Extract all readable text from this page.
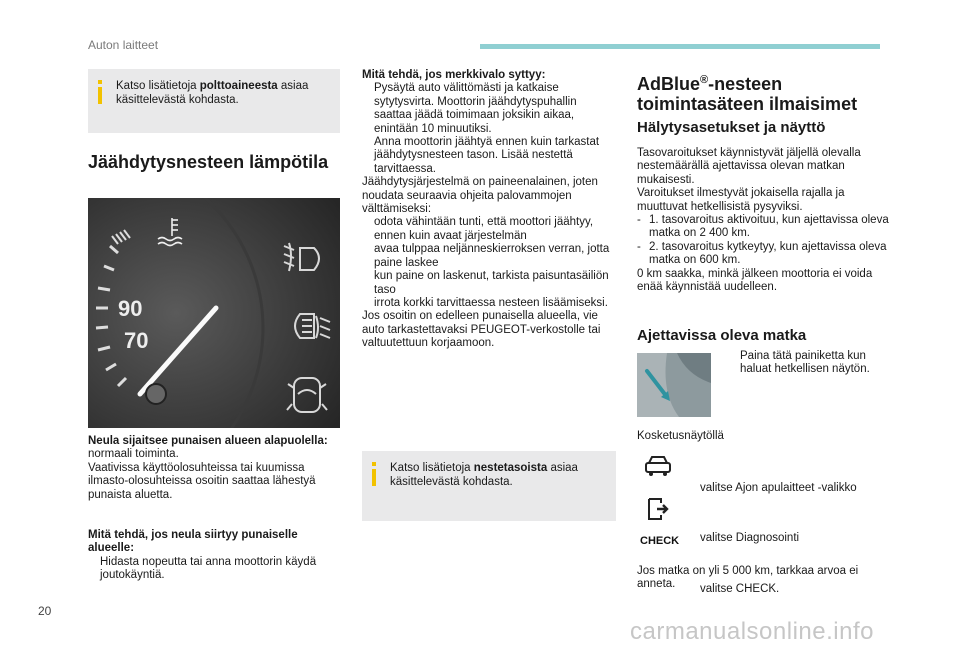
Auton laitteet
Katso lisätietoja polttoaineesta asiaa käsittelevästä kohdasta.
Jäähdytysnesteen lämpötila
90
70
Neula sijaitsee punaisen alueen alapuolella:
normaali toiminta.
Vaativissa käyttöolosuhteissa tai kuumissa ilmasto-olosuhteissa osoitin saattaa lähestyä punaista aluetta.
Mitä tehdä, jos neula siirtyy punaiselle alueelle:
Hidasta nopeutta tai anna moottorin käydä joutokäyntiä.
Mitä tehdä, jos merkkivalo syttyy:
Pysäytä auto välittömästi ja katkaise sytytysvirta. Moottorin jäähdytyspuhallin saattaa jäädä toimimaan joksikin aikaa, enintään 10 minuutiksi.
Anna moottorin jäähtyä ennen kuin tarkastat jäähdytysnesteen tason. Lisää nestettä tarvittaessa.
Jäähdytysjärjestelmä on paineenalainen, joten noudata seuraavia ohjeita palovammojen välttämiseksi:
odota vähintään tunti, että moottori jäähtyy, ennen kuin avaat järjestelmän
avaa tulppaa neljänneskierroksen verran, jotta paine laskee
kun paine on laskenut, tarkista paisuntasäiliön taso
irrota korkki tarvittaessa nesteen lisäämiseksi.
Jos osoitin on edelleen punaisella alueella, vie auto tarkastettavaksi PEUGEOT-verkostolle tai valtuutettuun korjaamoon.
Katso lisätietoja nestetasoista asiaa käsittelevästä kohdasta.
AdBlue®-nesteen
toimintasäteen ilmaisimet
Hälytysasetukset ja näyttö
Tasovaroitukset käynnistyvät jäljellä olevalla nestemäärällä ajettavissa olevan matkan mukaisesti.
Varoitukset ilmestyvät jokaisella rajalla ja muuttuvat hetkellisistä pysyviksi.
- 1. tasovaroitus aktivoituu, kun ajettavissa oleva matka on 2 400 km.
- 2. tasovaroitus kytkeytyy, kun ajettavissa oleva matka on 600 km.
0 km saakka, minkä jälkeen moottoria ei voida enää käynnistää uudelleen.
Ajettavissa oleva matka
Paina tätä painiketta kun haluat hetkellisen näytön.
Kosketusnäytöllä
valitse Ajon apulaitteet -valikko
valitse Diagnosointi
CHECK
valitse CHECK.
Jos matka on yli 5 000 km, tarkkaa arvoa ei anneta.
20
carmanualsonline.info
